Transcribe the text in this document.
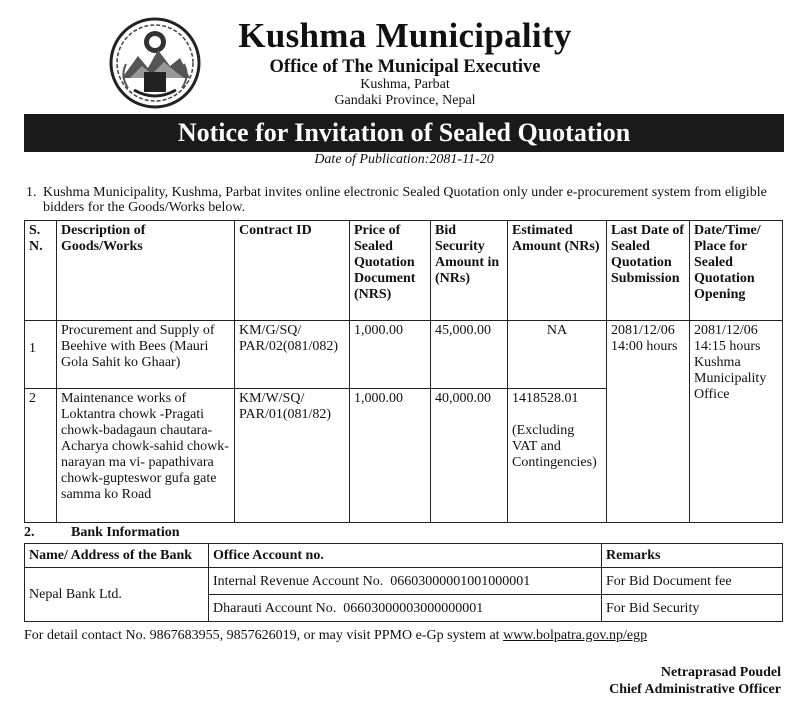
Kushma Municipality
Office of The Municipal Executive
Kushma, Parbat
Gandaki Province, Nepal
Notice for Invitation of Sealed Quotation
Date of Publication:2081-11-20
1. Kushma Municipality, Kushma, Parbat invites online electronic Sealed Quotation only under e-procurement system from eligible bidders for the Goods/Works below.
S. N.	Description of Goods/Works	Contract ID	Price of Sealed Quotation Document (NRS)	Bid Security Amount in (NRs)	Estimated Amount (NRs)	Last Date of Sealed Quotation Submission	Date/Time/ Place for Sealed Quotation Opening
1	Procurement and Supply of Beehive with Bees (Mauri Gola Sahit ko Ghaar)	KM/G/SQ/ PAR/02(081/082)	1,000.00	45,000.00	NA	2081/12/06 14:00 hours	2081/12/06 14:15 hours Kushma Municipality Office
2	Maintenance works of Loktantra chowk -Pragati chowk-badagaun chautara-Acharya chowk-sahid chowk-narayan ma vi- papathivara chowk-gupteswor gufa gate samma ko Road	KM/W/SQ/ PAR/01(081/82)	1,000.00	40,000.00	1418528.01
(Excluding VAT and Contingencies)		
2.	Bank Information
Name/ Address of the Bank	Office Account no.	Remarks
Nepal Bank Ltd.	Internal Revenue Account No.  06603000001001000001	For Bid Document fee
	Dharauti Account No.  06603000003000000001	For Bid Security
For detail contact No. 9867683955, 9857626019, or may visit PPMO e-Gp system at www.bolpatra.gov.np/egp
Netraprasad Poudel
Chief Administrative Officer
